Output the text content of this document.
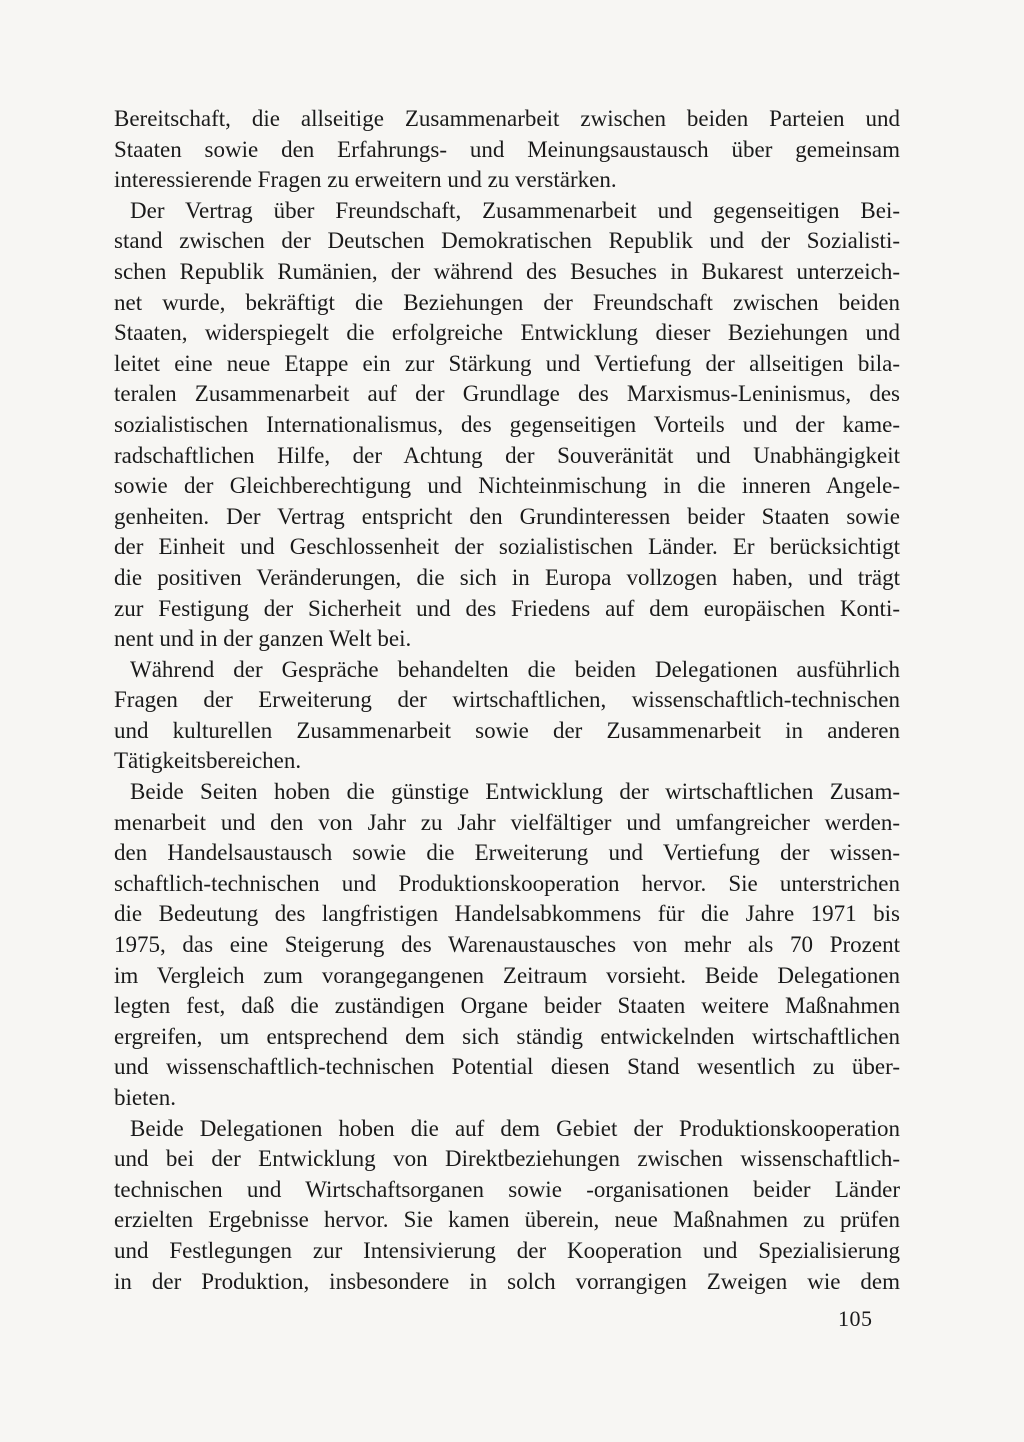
Bereitschaft, die allseitige Zusammenarbeit zwischen beiden Parteien und
Staaten sowie den Erfahrungs- und Meinungsaustausch über gemeinsam
interessierende Fragen zu erweitern und zu verstärken.
Der Vertrag über Freundschaft, Zusammenarbeit und gegenseitigen Bei-
stand zwischen der Deutschen Demokratischen Republik und der Sozialisti-
schen Republik Rumänien, der während des Besuches in Bukarest unterzeich-
net wurde, bekräftigt die Beziehungen der Freundschaft zwischen beiden
Staaten, widerspiegelt die erfolgreiche Entwicklung dieser Beziehungen und
leitet eine neue Etappe ein zur Stärkung und Vertiefung der allseitigen bila-
teralen Zusammenarbeit auf der Grundlage des Marxismus-Leninismus, des
sozialistischen Internationalismus, des gegenseitigen Vorteils und der kame-
radschaftlichen Hilfe, der Achtung der Souveränität und Unabhängigkeit
sowie der Gleichberechtigung und Nichteinmischung in die inneren Angele-
genheiten. Der Vertrag entspricht den Grundinteressen beider Staaten sowie
der Einheit und Geschlossenheit der sozialistischen Länder. Er berücksichtigt
die positiven Veränderungen, die sich in Europa vollzogen haben, und trägt
zur Festigung der Sicherheit und des Friedens auf dem europäischen Konti-
nent und in der ganzen Welt bei.
Während der Gespräche behandelten die beiden Delegationen ausführlich
Fragen der Erweiterung der wirtschaftlichen, wissenschaftlich-technischen
und kulturellen Zusammenarbeit sowie der Zusammenarbeit in anderen
Tätigkeitsbereichen.
Beide Seiten hoben die günstige Entwicklung der wirtschaftlichen Zusam-
menarbeit und den von Jahr zu Jahr vielfältiger und umfangreicher werden-
den Handelsaustausch sowie die Erweiterung und Vertiefung der wissen-
schaftlich-technischen und Produktionskooperation hervor. Sie unterstrichen
die Bedeutung des langfristigen Handelsabkommens für die Jahre 1971 bis
1975, das eine Steigerung des Warenaustausches von mehr als 70 Prozent
im Vergleich zum vorangegangenen Zeitraum vorsieht. Beide Delegationen
legten fest, daß die zuständigen Organe beider Staaten weitere Maßnahmen
ergreifen, um entsprechend dem sich ständig entwickelnden wirtschaftlichen
und wissenschaftlich-technischen Potential diesen Stand wesentlich zu über-
bieten.
Beide Delegationen hoben die auf dem Gebiet der Produktionskooperation
und bei der Entwicklung von Direktbeziehungen zwischen wissenschaftlich-
technischen und Wirtschaftsorganen sowie -organisationen beider Länder
erzielten Ergebnisse hervor. Sie kamen überein, neue Maßnahmen zu prüfen
und Festlegungen zur Intensivierung der Kooperation und Spezialisierung
in der Produktion, insbesondere in solch vorrangigen Zweigen wie dem
105
